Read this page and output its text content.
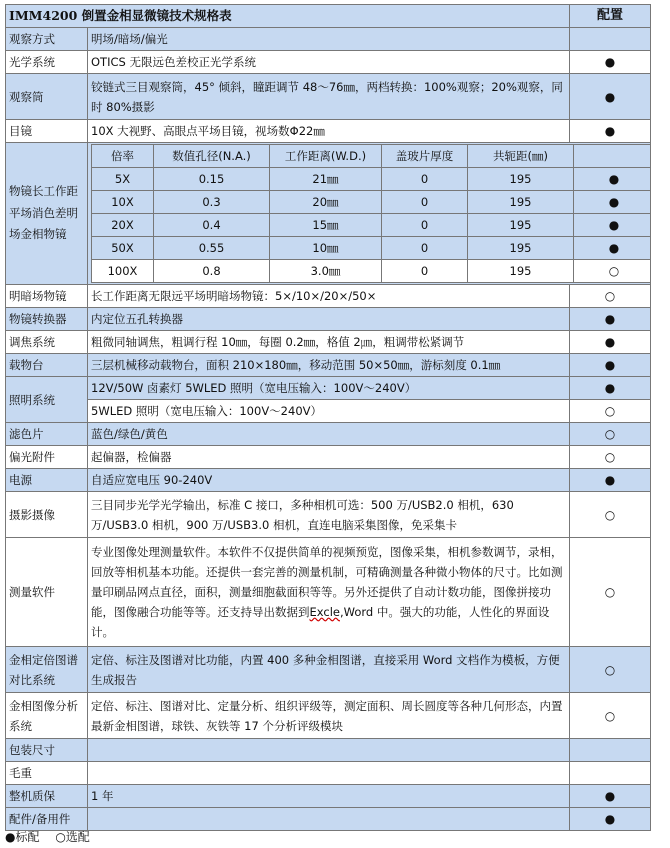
IMM4200 倒置金相显微镜技术规格表	配置
观察方式	明场/暗场/偏光	
光学系统	OTICS 无限远色差校正光学系统	●
观察筒	铰链式三目观察筒，45° 倾斜，瞳距调节 48～76㎜，两档转换：100%观察；20%观察，同时 80%摄影	●
目镜	10X 大视野、高眼点平场目镜，视场数Φ22㎜	●
物镜长工作距平场消色差明场金相物镜	
倍率	数值孔径(N.A.)	工作距离(W.D.)	盖玻片厚度	共轭距(㎜)	
5X	0.15	21㎜	0	195	●
10X	0.3	20㎜	0	195	●
20X	0.4	15㎜	0	195	●
50X	0.55	10㎜	0	195	●
100X	0.8	3.0㎜	0	195	○

明暗场物镜	长工作距离无限远平场明暗场物镜：5×/10×/20×/50×	○
物镜转换器	内定位五孔转换器	●
调焦系统	粗微同轴调焦，粗调行程 10㎜，每圈 0.2㎜，格值 2㎛，粗调带松紧调节	●
载物台	三层机械移动载物台，面积 210×180㎜，移动范围 50×50㎜，游标刻度 0.1㎜	●
照明系统	12V/50W 卤素灯 5WLED 照明（宽电压输入：100V～240V）	●
5WLED 照明（宽电压输入：100V～240V）	○
滤色片	蓝色/绿色/黄色	○
偏光附件	起偏器，检偏器	○
电源	自适应宽电压 90-240V	●
摄影摄像	三目同步光学光学输出，标准 C 接口，多种相机可选：500 万/USB2.0 相机，630 万/USB3.0 相机，900 万/USB3.0 相机，直连电脑采集图像，免采集卡	○
测量软件	专业图像处理测量软件。本软件不仅提供简单的视频预览，图像采集，相机参数调节，录相，回放等相机基本功能。还提供一套完善的测量机制，可精确测量各种微小物体的尺寸。比如测量印刷品网点直径，面积，测量细胞截面积等等。另外还提供了自动计数功能，图像拼接功能，图像融合功能等等。还支持导出数据到Excle,Word 中。强大的功能，人性化的界面设计。	○
金相定倍图谱对比系统	定倍、标注及图谱对比功能，内置 400 多种金相图谱，直接采用 Word 文档作为模板，方便生成报告	○
金相图像分析系统	定倍、标注、图谱对比、定量分析、组织评级等，测定面积、周长圆度等各种几何形态，内置最新金相图谱，球铁、灰铁等 17 个分析评级模块	○
包装尺寸		
毛重		
整机质保	1 年	●
配件/备用件		●
●标配 ○选配
